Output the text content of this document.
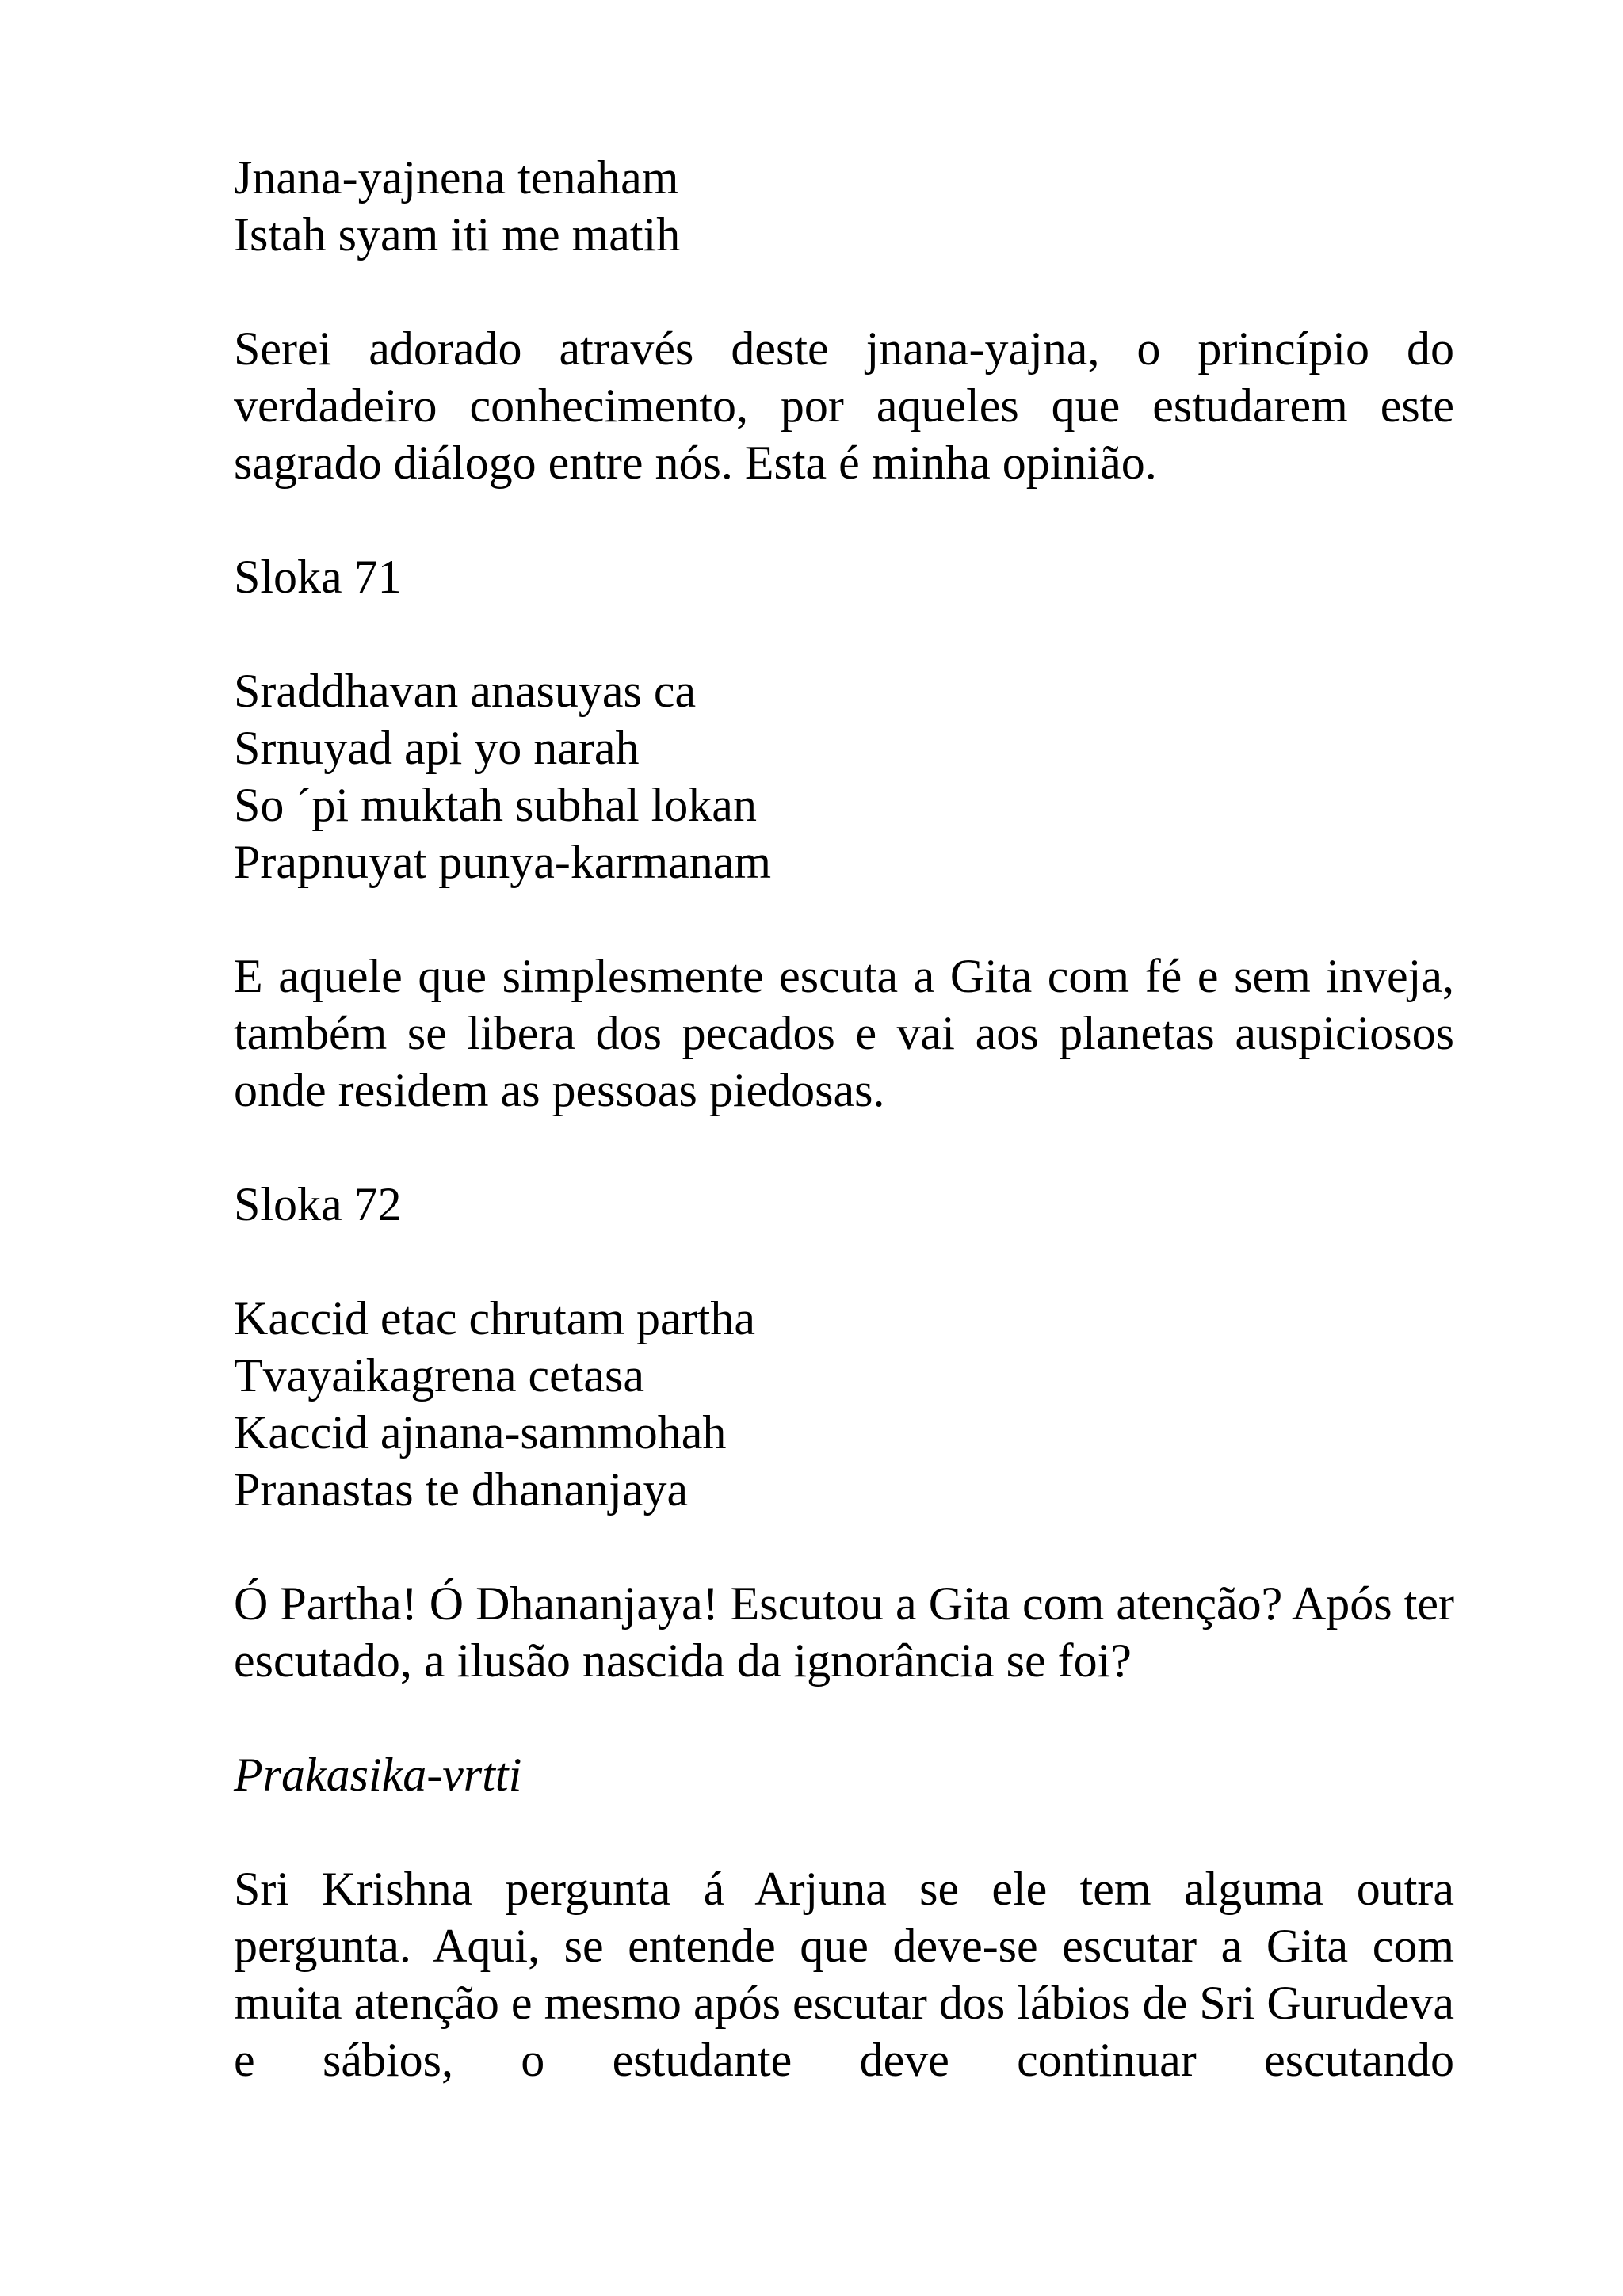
Jnana-yajnena tenaham
Istah syam iti me matih

Serei adorado através deste jnana-yajna, o princípio do verdadeiro conhecimento, por aqueles que estudarem este sagrado diálogo entre nós. Esta é minha opinião.

Sloka 71
Sraddhavan anasuyas ca
Srnuyad api yo narah
So ´pi muktah subhal lokan
Prapnuyat punya-karmanam

E aquele que simplesmente escuta a Gita com fé e sem inveja, também se libera dos pecados e vai aos planetas auspiciosos onde residem as pessoas piedosas.

Sloka 72
Kaccid etac chrutam partha
Tvayaikagrena cetasa
Kaccid ajnana-sammohah
Pranastas te dhananjaya

Ó Partha! Ó Dhananjaya! Escutou a Gita com atenção? Após ter escutado, a ilusão nascida da ignorância se foi?

Prakasika-vrtti

Sri Krishna pergunta á Arjuna se ele tem alguma outra pergunta. Aqui, se entende que deve-se escutar a Gita com muita atenção e mesmo após escutar dos lábios de Sri Gurudeva e sábios, o estudante deve continuar escutando
